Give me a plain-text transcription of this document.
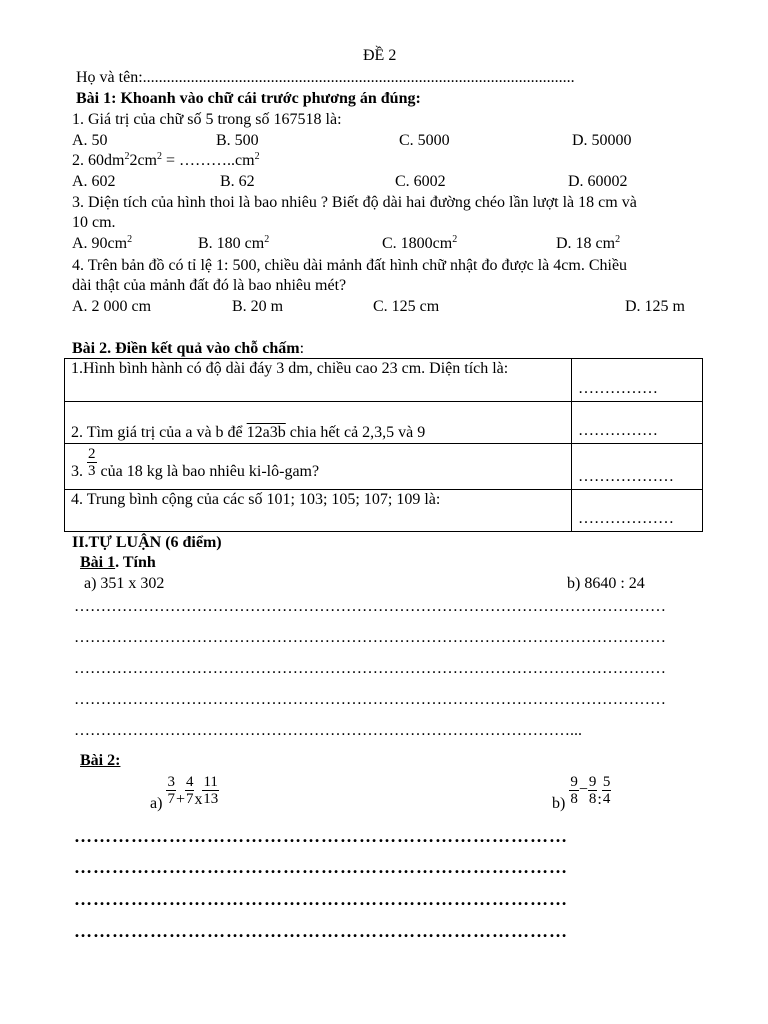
ĐỀ 2
Họ và tên:............................................................................................................
Bài 1: Khoanh vào chữ cái trước phương án đúng:
1. Giá trị của chữ số 5 trong số 167518 là:
A. 50	B. 500	C. 5000	D. 50000
2. $60dm^22cm^2$ = $\dots\dots\dots..cm^2$
A. 602	B. 62	C. 6002	D. 60002
3. Diện tích của hình thoi là bao nhiêu ? Biết độ dài hai đường chéo lần lượt là 18 cm và
10 cm.
A. $90cm^2$	B. 180 $cm^2$	C. $1800cm^2$	D. 18 $cm^2$
4. Trên bản đồ có tỉ lệ 1: 500, chiều dài mảnh đất hình chữ nhật đo được là 4cm. Chiều
dài thật của mảnh đất đó là bao nhiêu mét?
A. 2 000 cm	B. 20 m	C. 125 cm	D. 125 m
Bài 2. Điền kết quả vào chỗ chấm:
1.Hình bình hành có độ dài đáy 3 dm, chiều cao 23 cm. Diện tích là:	……………
2. Tìm giá trị của a và b để 12a3b chia hết cả 2,3,5 và 9	……………
3. $\frac{2}{3}$ của 18 kg là bao nhiêu ki-lô-gam?	………………
4. Trung bình cộng của các số 101; 103; 105; 107; 109 là:	………………
II.TỰ LUẬN (6 điểm)
Bài 1. Tính
a) 351 x 302	b) 8640 : 24
…………………………………………………………………………………………………
…………………………………………………………………………………………………
…………………………………………………………………………………………………
…………………………………………………………………………………………………
…………………………………………………………………………………...
Bài 2:
$a) \frac{3}{7} + \frac{4}{7}$ x $\frac{11}{13}$	$b) \frac{9}{8} - \frac{9}{8}$ : $\frac{5}{4}$
……………………………………………………………………
……………………………………………………………………
……………………………………………………………………
……………………………………………………………………
